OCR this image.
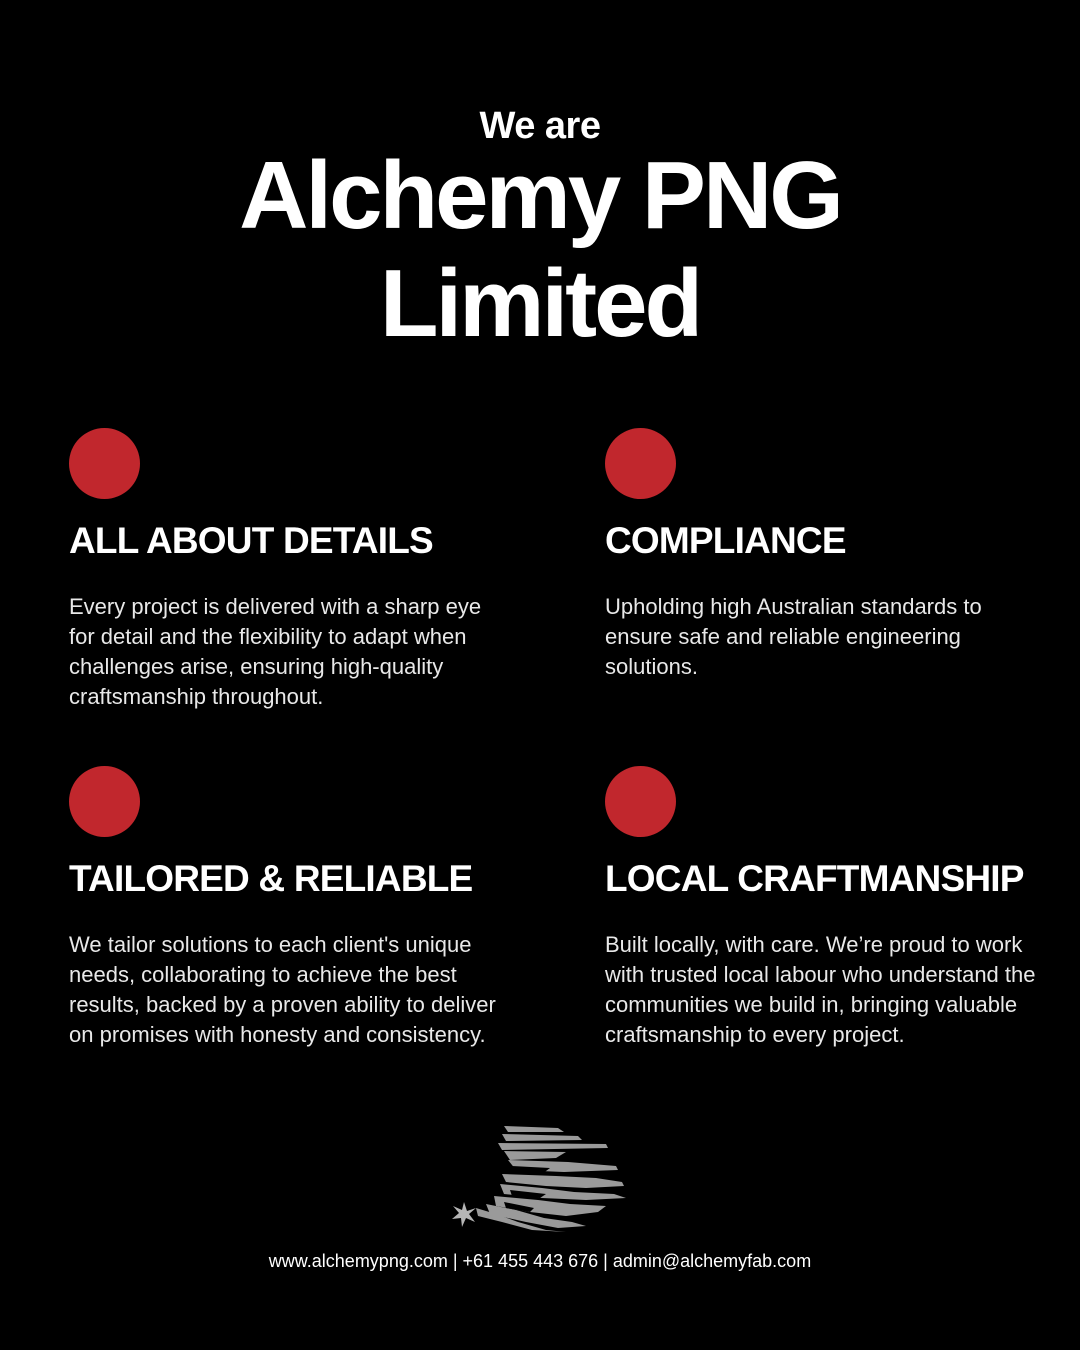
We are
Alchemy PNG
Limited
ALL ABOUT DETAILS

Every project is delivered with a sharp eye for detail and the flexibility to adapt when challenges arise, ensuring high-quality craftsmanship throughout.

COMPLIANCE

Upholding high Australian standards to ensure safe and reliable engineering solutions.

TAILORED & RELIABLE

We tailor solutions to each client's unique needs, collaborating to achieve the best results, backed by a proven ability to deliver on promises with honesty and consistency.

LOCAL CRAFTMANSHIP

Built locally, with care. We’re proud to work with trusted local labour who understand the communities we build in, bringing valuable craftsmanship to every project.

www.alchemypng.com | +61 455 443 676 | admin@alchemyfab.com
